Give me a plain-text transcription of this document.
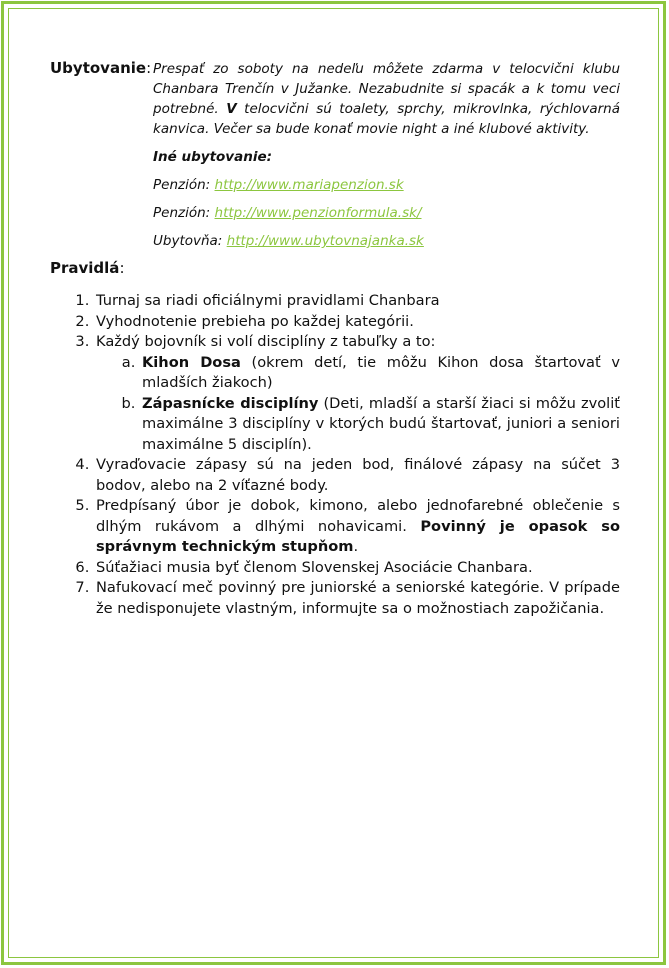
Ubytovanie: Prespať zo soboty na nedeľu môžete zdarma v telocvični klubu Chanbara Trenčín v Južanke. Nezabudnite si spacák a k tomu veci potrebné. V telocvični sú toalety, sprchy, mikrovlnka, rýchlovarná kanvica. Večer sa bude konať movie night a iné klubové aktivity.

Iné ubytovanie:

Penzión: http://www.mariapenzion.sk

Penzión: http://www.penzionformula.sk/

Ubytovňa: http://www.ubytovnajanka.sk

Pravidlá:
1. Turnaj sa riadi oficiálnymi pravidlami Chanbara
2. Vyhodnotenie prebieha po každej kategórii.
3. Každý bojovník si volí disciplíny z tabuľky a to:
a. Kihon Dosa (okrem detí, tie môžu Kihon dosa štartovať v mladších žiakoch)
b. Zápasnícke disciplíny (Deti, mladší a starší žiaci si môžu zvoliť maximálne 3 disciplíny v ktorých budú štartovať, juniori a seniori maximálne 5 disciplín).
4. Vyraďovacie zápasy sú na jeden bod, finálové zápasy na súčet 3 bodov, alebo na 2 víťazné body.
5. Predpísaný úbor je dobok, kimono, alebo jednofarebné oblečenie s dlhým rukávom a dlhými nohavicami. Povinný je opasok so správnym technickým stupňom.
6. Súťažiaci musia byť členom Slovenskej Asociácie Chanbara.
7. Nafukovací meč povinný pre juniorské a seniorské kategórie. V prípade že nedisponujete vlastným, informujte sa o možnostiach zapožičania.
